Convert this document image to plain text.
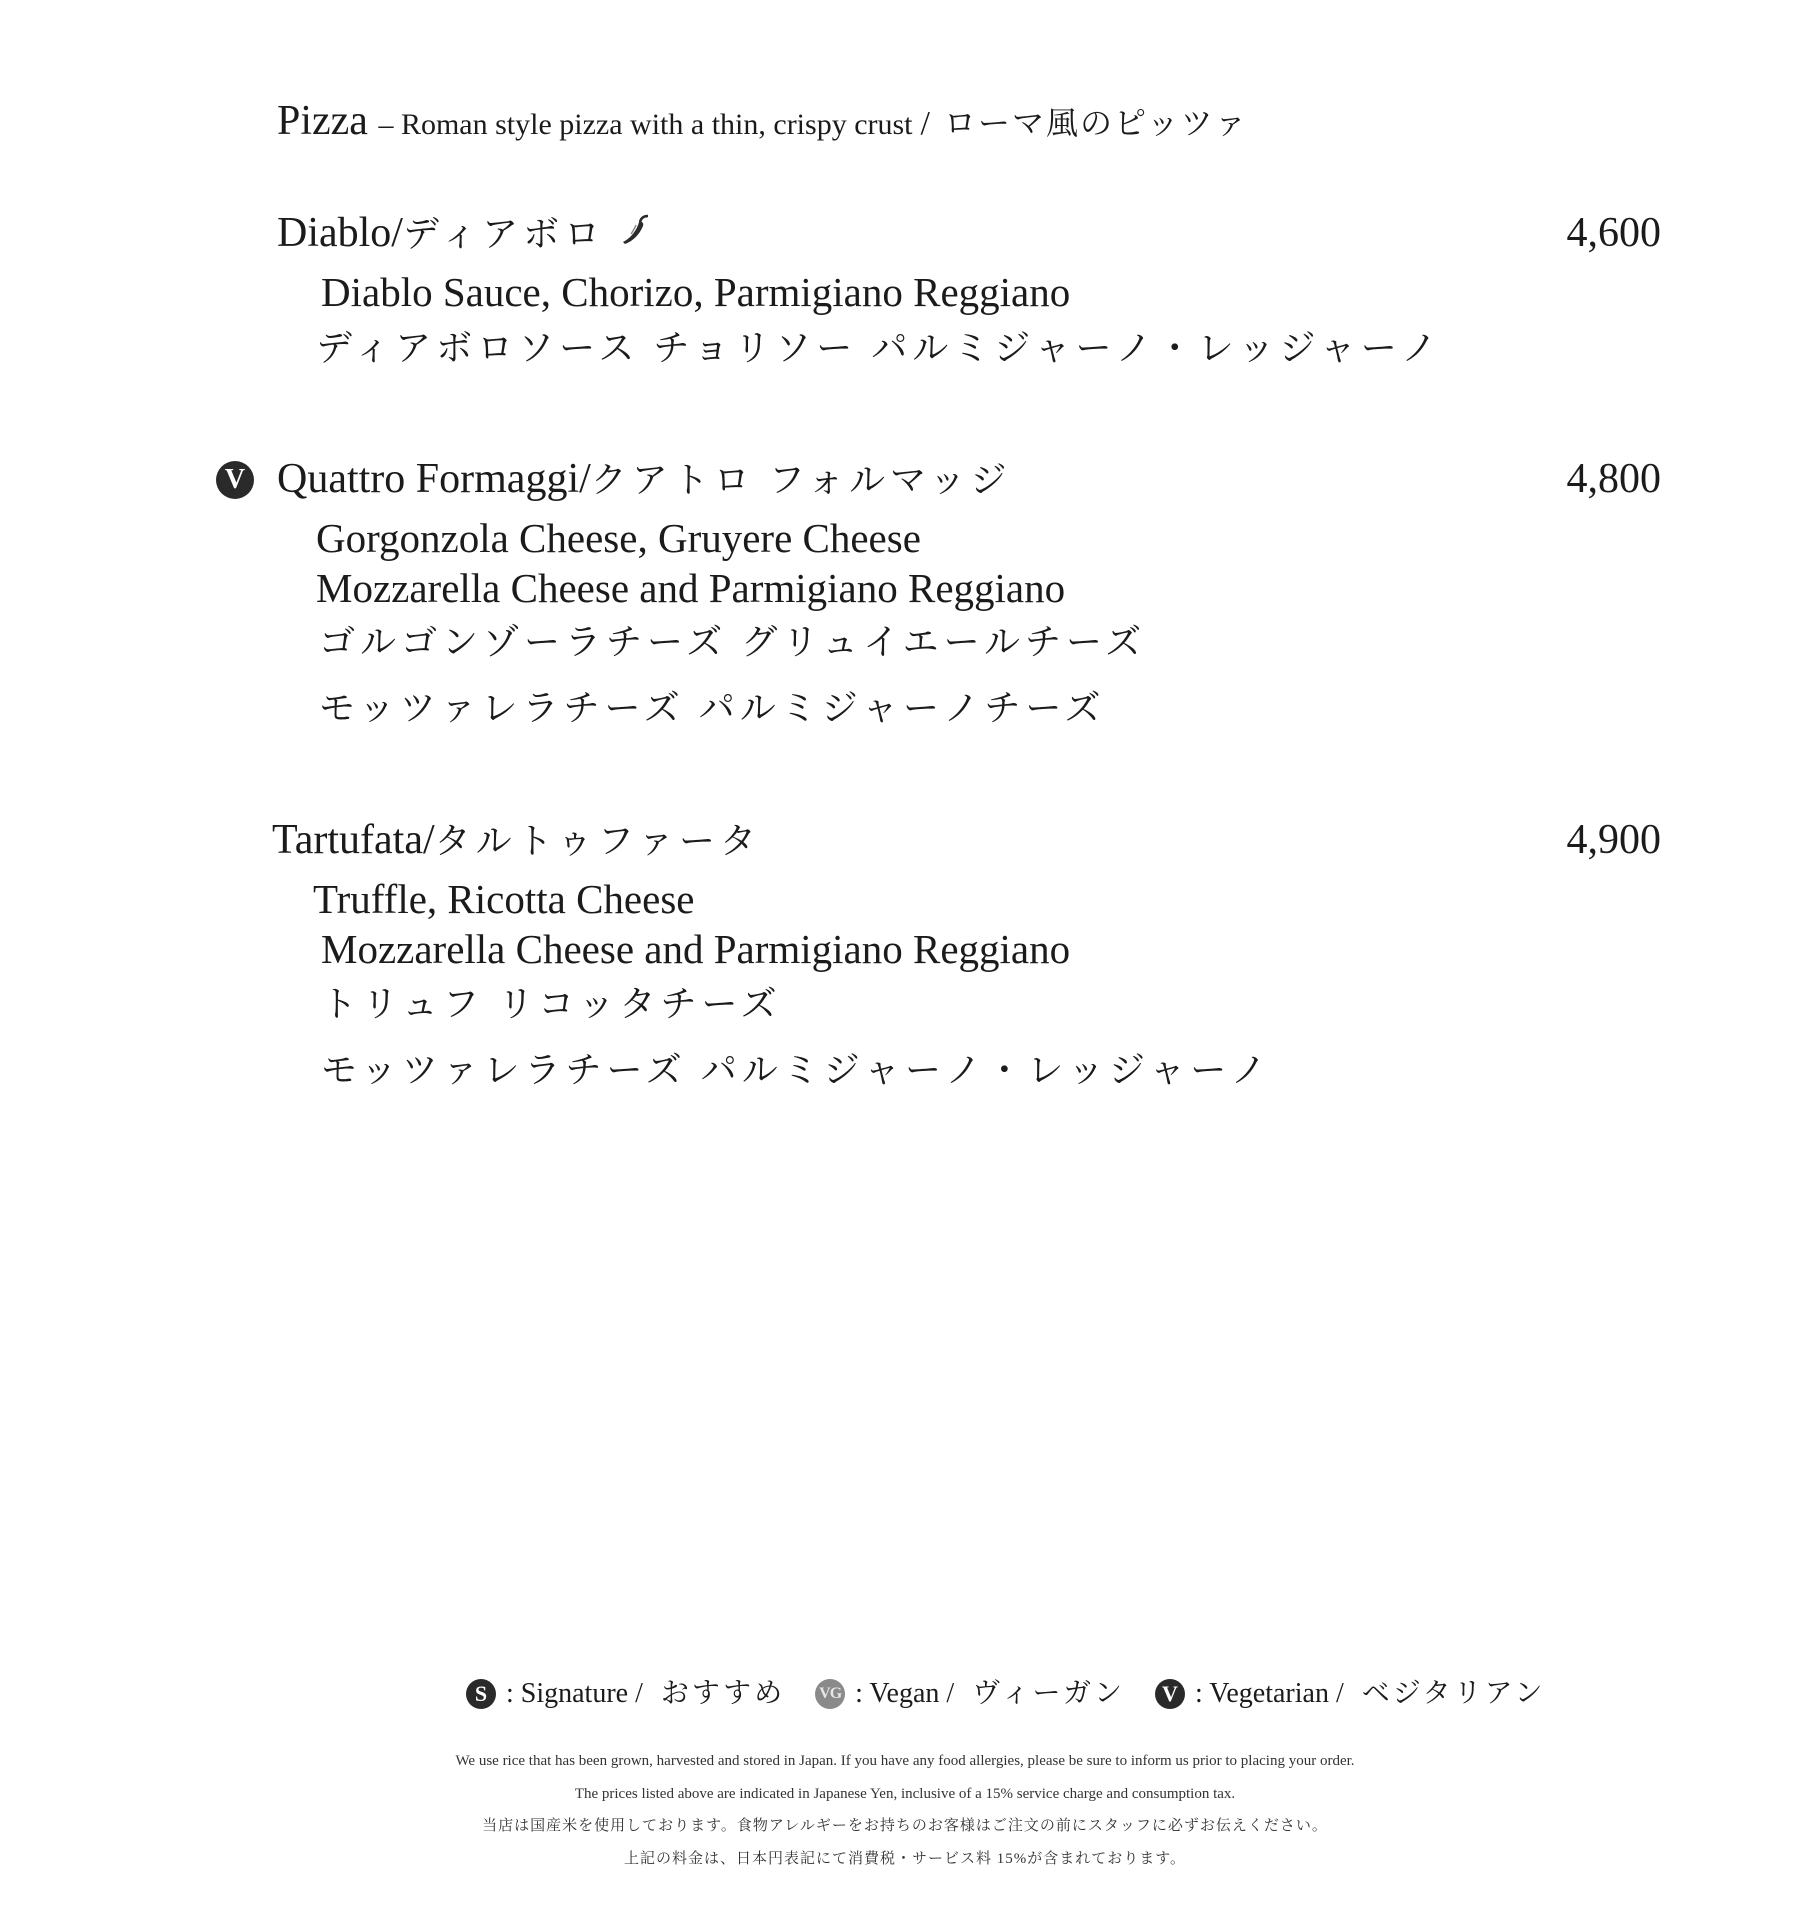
Pizza – Roman style pizza with a thin, crispy crust / ローマ風のピッツァ
Diablo/ディアボロ	4,600
Diablo Sauce, Chorizo, Parmigiano Reggiano
ディアボロソース チョリソー パルミジャーノ・レッジャーノ
V Quattro Formaggi/クアトロ フォルマッジ	4,800
Gorgonzola Cheese, Gruyere Cheese
Mozzarella Cheese and Parmigiano Reggiano
ゴルゴンゾーラチーズ グリュイエールチーズ
モッツァレラチーズ パルミジャーノチーズ
Tartufata/タルトゥファータ	4,900
Truffle, Ricotta Cheese
Mozzarella Cheese and Parmigiano Reggiano
トリュフ リコッタチーズ
モッツァレラチーズ パルミジャーノ・レッジャーノ
S : Signature / おすすめ VG : Vegan / ヴィーガン	V : Vegetarian / ベジタリアン
We use rice that has been grown, harvested and stored in Japan. If you have any food allergies, please be sure to inform us prior to placing your order.
The prices listed above are indicated in Japanese Yen, inclusive of a 15% service charge and consumption tax.
当店は国産米を使用しております。食物アレルギーをお持ちのお客様はご注文の前にスタッフに必ずお伝えください。
上記の料金は、日本円表記にて消費税・サービス料 15%が含まれております。
